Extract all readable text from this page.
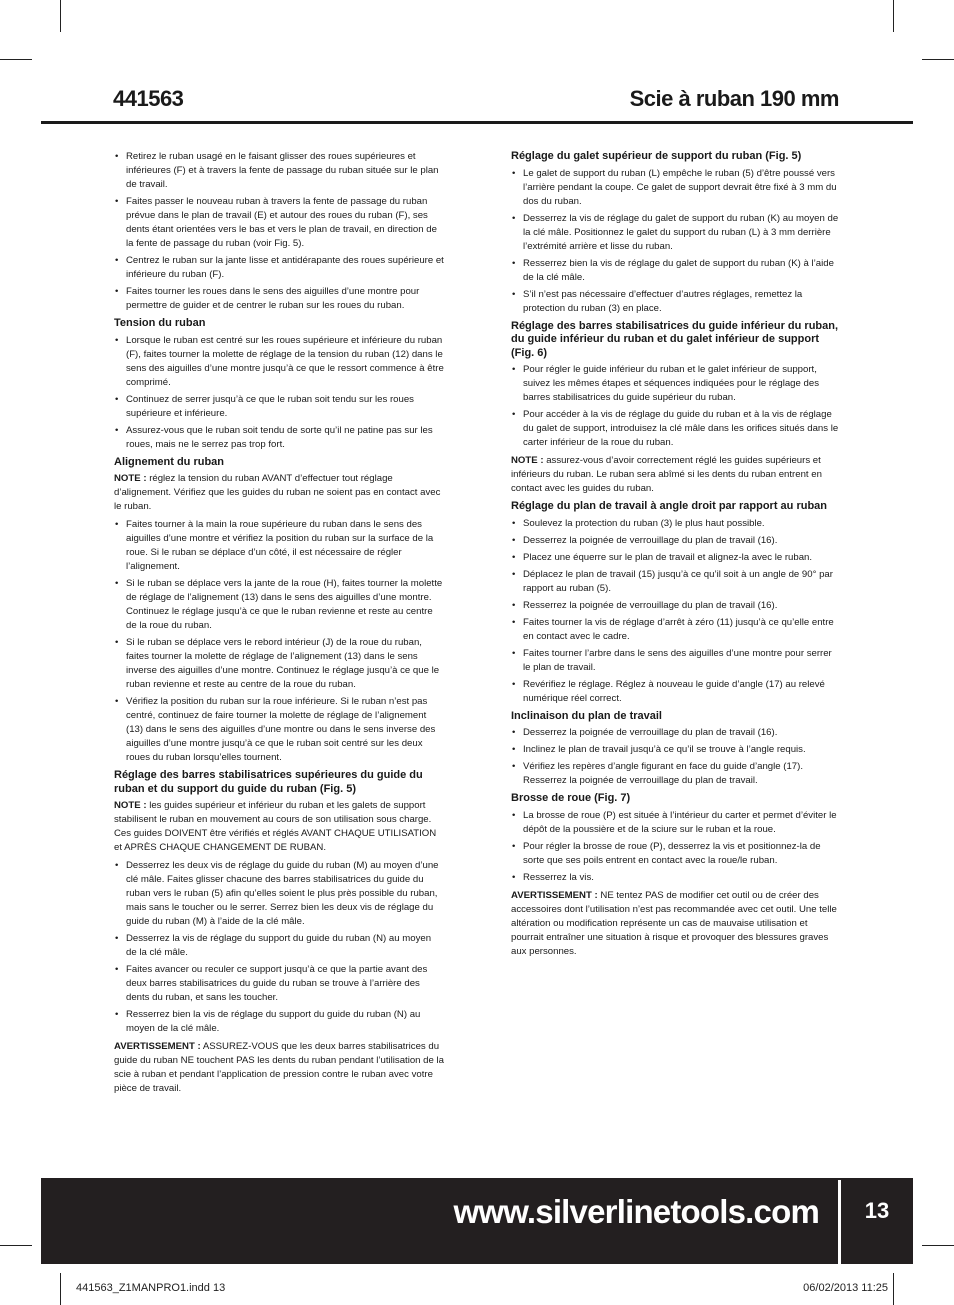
441563	Scie à ruban 190 mm
• Retirez le ruban usagé en le faisant glisser des roues supérieures et inférieures (F) et à travers la fente de passage du ruban située sur le plan de travail.
• Faites passer le nouveau ruban à travers la fente de passage du ruban prévue dans le plan de travail (E) et autour des roues du ruban (F), ses dents étant orientées vers le bas et vers le plan de travail, en direction de la fente de passage du ruban (voir Fig. 5).
• Centrez le ruban sur la jante lisse et antidérapante des roues supérieure et inférieure du ruban (F).
• Faites tourner les roues dans le sens des aiguilles d’une montre pour permettre de guider et de centrer le ruban sur les roues du ruban.
Tension du ruban
• Lorsque le ruban est centré sur les roues supérieure et inférieure du ruban (F), faites tourner la molette de réglage de la tension du ruban (12) dans le sens des aiguilles d’une montre jusqu’à ce que le ressort commence à être comprimé.
• Continuez de serrer jusqu’à ce que le ruban soit tendu sur les roues supérieure et inférieure.
• Assurez-vous que le ruban soit tendu de sorte qu’il ne patine pas sur les roues, mais ne le serrez pas trop fort.
Alignement du ruban

NOTE : réglez la tension du ruban AVANT d’effectuer tout réglage d’alignement. Vérifiez que les guides du ruban ne soient pas en contact avec le ruban.

• Faites tourner à la main la roue supérieure du ruban dans le sens des aiguilles d’une montre et vérifiez la position du ruban sur la surface de la roue. Si le ruban se déplace d’un côté, il est nécessaire de régler l’alignement.
• Si le ruban se déplace vers la jante de la roue (H), faites tourner la molette de réglage de l’alignement (13) dans le sens des aiguilles d’une montre. Continuez le réglage jusqu’à ce que le ruban revienne et reste au centre de la roue du ruban.
• Si le ruban se déplace vers le rebord intérieur (J) de la roue du ruban, faites tourner la molette de réglage de l’alignement (13) dans le sens inverse des aiguilles d’une montre. Continuez le réglage jusqu’à ce que le ruban revienne et reste au centre de la roue du ruban.
• Vérifiez la position du ruban sur la roue inférieure. Si le ruban n’est pas centré, continuez de faire tourner la molette de réglage de l’alignement (13) dans le sens des aiguilles d’une montre ou dans le sens inverse des aiguilles d’une montre jusqu’à ce que le ruban soit centré sur les deux roues du ruban lorsqu’elles tournent.
Réglage des barres stabilisatrices supérieures du guide du ruban et du support du guide du ruban (Fig. 5)

NOTE : les guides supérieur et inférieur du ruban et les galets de support stabilisent le ruban en mouvement au cours de son utilisation sous charge. Ces guides DOIVENT être vérifiés et réglés AVANT CHAQUE UTILISATION et APRÈS CHAQUE CHANGEMENT DE RUBAN.

• Desserrez les deux vis de réglage du guide du ruban (M) au moyen d’une clé mâle. Faites glisser chacune des barres stabilisatrices du guide du ruban vers le ruban (5) afin qu’elles soient le plus près possible du ruban, mais sans le toucher ou le serrer. Serrez bien les deux vis de réglage du guide du ruban (M) à l’aide de la clé mâle.
• Desserrez la vis de réglage du support du guide du ruban (N) au moyen de la clé mâle.
• Faites avancer ou reculer ce support jusqu’à ce que la partie avant des deux barres stabilisatrices du guide du ruban se trouve à l’arrière des dents du ruban, et sans les toucher.
• Resserrez bien la vis de réglage du support du guide du ruban (N) au moyen de la clé mâle.

AVERTISSEMENT : ASSUREZ-VOUS que les deux barres stabilisatrices du guide du ruban NE touchent PAS les dents du ruban pendant l’utilisation de la scie à ruban et pendant l’application de pression contre le ruban avec votre pièce de travail.

Réglage du galet supérieur de support du ruban (Fig. 5)
• Le galet de support du ruban (L) empêche le ruban (5) d’être poussé vers l’arrière pendant la coupe. Ce galet de support devrait être fixé à 3 mm du dos du ruban.
• Desserrez la vis de réglage du galet de support du ruban (K) au moyen de la clé mâle. Positionnez le galet du support du ruban (L) à 3 mm derrière l’extrémité arrière et lisse du ruban.
• Resserrez bien la vis de réglage du galet de support du ruban (K) à l’aide de la clé mâle.
• S’il n’est pas nécessaire d’effectuer d’autres réglages, remettez la protection du ruban (3) en place.
Réglage des barres stabilisatrices du guide inférieur du ruban, du guide inférieur du ruban et du galet inférieur de support (Fig. 6)
• Pour régler le guide inférieur du ruban et le galet inférieur de support, suivez les mêmes étapes et séquences indiquées pour le réglage des barres stabilisatrices du guide supérieur du ruban.
• Pour accéder à la vis de réglage du guide du ruban et à la vis de réglage du galet de support, introduisez la clé mâle dans les orifices situés dans le carter inférieur de la roue du ruban.

NOTE : assurez-vous d’avoir correctement réglé les guides supérieurs et inférieurs du ruban. Le ruban sera abîmé si les dents du ruban entrent en contact avec les guides du ruban.

Réglage du plan de travail à angle droit par rapport au ruban
• Soulevez la protection du ruban (3) le plus haut possible.
• Desserrez la poignée de verrouillage du plan de travail (16).
• Placez une équerre sur le plan de travail et alignez-la avec le ruban.
• Déplacez le plan de travail (15) jusqu’à ce qu’il soit à un angle de 90° par rapport au ruban (5).
• Resserrez la poignée de verrouillage du plan de travail (16).
• Faites tourner la vis de réglage d’arrêt à zéro (11) jusqu’à ce qu’elle entre en contact avec le cadre.
• Faites tourner l’arbre dans le sens des aiguilles d’une montre pour serrer le plan de travail.
• Revérifiez le réglage. Réglez à nouveau le guide d’angle (17) au relevé numérique réel correct.
Inclinaison du plan de travail
• Desserrez la poignée de verrouillage du plan de travail (16).
• Inclinez le plan de travail jusqu’à ce qu’il se trouve à l’angle requis.
• Vérifiez les repères d’angle figurant en face du guide d’angle (17). Resserrez la poignée de verrouillage du plan de travail.
Brosse de roue (Fig. 7)
• La brosse de roue (P) est située à l’intérieur du carter et permet d’éviter le dépôt de la poussière et de la sciure sur le ruban et la roue.
• Pour régler la brosse de roue (P), desserrez la vis et positionnez-la de sorte que ses poils entrent en contact avec la roue/le ruban.
• Resserrez la vis.

AVERTISSEMENT : NE tentez PAS de modifier cet outil ou de créer des accessoires dont l’utilisation n’est pas recommandée avec cet outil. Une telle altération ou modification représente un cas de mauvaise utilisation et pourrait entraîner une situation à risque et provoquer des blessures graves aux personnes.

www.silverlinetools.com	13
441563_Z1MANPRO1.indd 13	06/02/2013 11:25
